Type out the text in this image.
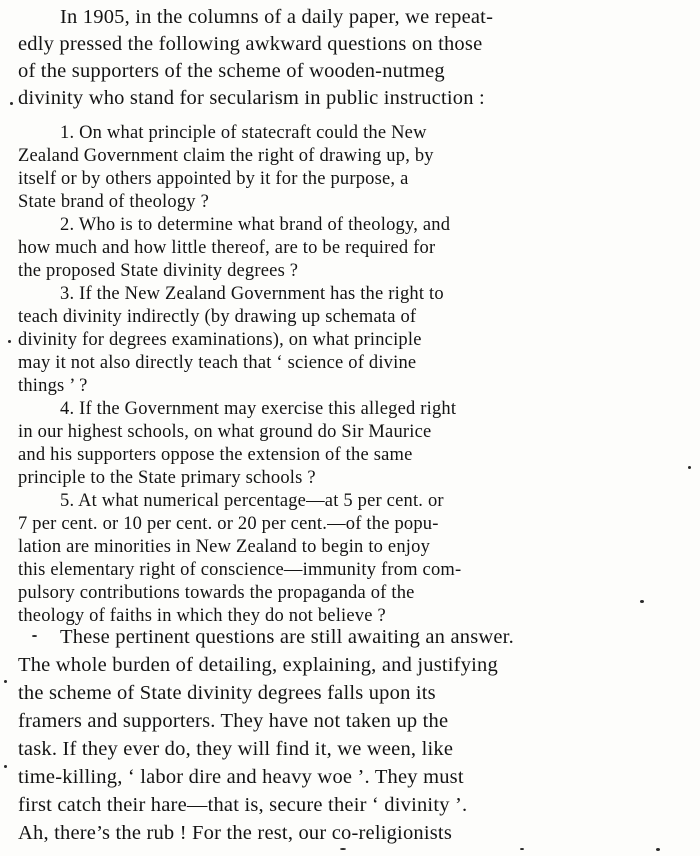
In 1905, in the columns of a daily paper, we repeat-
edly pressed the following awkward questions on those
of the supporters of the scheme of wooden-nutmeg
divinity who stand for secularism in public instruction :
1. On what principle of statecraft could the New
Zealand Government claim the right of drawing up, by
itself or by others appointed by it for the purpose, a
State brand of theology ?
2. Who is to determine what brand of theology, and
how much and how little thereof, are to be required for
the proposed State divinity degrees ?
3. If the New Zealand Government has the right to
teach divinity indirectly (by drawing up schemata of
divinity for degrees examinations), on what principle
may it not also directly teach that ‘ science of divine
things ’ ?
4. If the Government may exercise this alleged right
in our highest schools, on what ground do Sir Maurice
and his supporters oppose the extension of the same
principle to the State primary schools ?
5. At what numerical percentage—at 5 per cent. or
7 per cent. or 10 per cent. or 20 per cent.—of the popu-
lation are minorities in New Zealand to begin to enjoy
this elementary right of conscience—immunity from com-
pulsory contributions towards the propaganda of the
theology of faiths in which they do not believe ?
These pertinent questions are still awaiting an answer.
The whole burden of detailing, explaining, and justifying
the scheme of State divinity degrees falls upon its
framers and supporters. They have not taken up the
task. If they ever do, they will find it, we ween, like
time-killing, ‘ labor dire and heavy woe ’. They must
first catch their hare—that is, secure their ‘ divinity ’.
Ah, there’s the rub ! For the rest, our co-religionists
